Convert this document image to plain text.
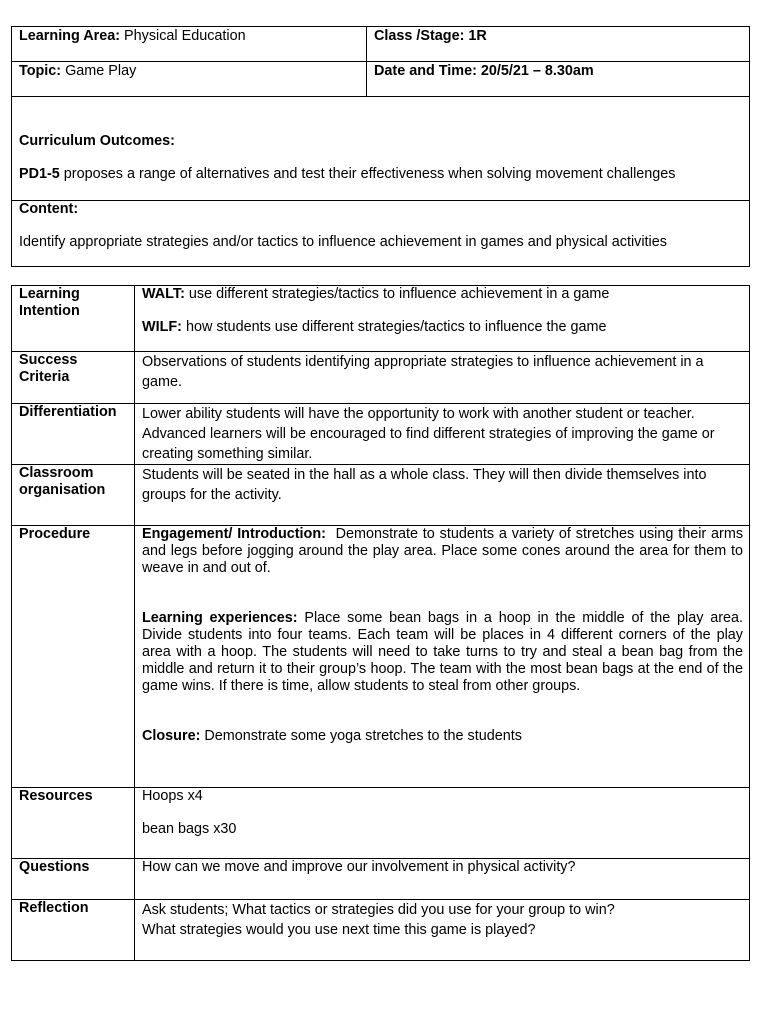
Learning Area: Physical Education	Class /Stage: 1R
Topic: Game Play	Date and Time: 20/5/21 – 8.30am

Curriculum Outcomes:

PD1-5 proposes a range of alternatives and test their effectiveness when solving movement challenges	

Content:

Identify appropriate strategies and/or tactics to influence achievement in games and physical activities	

Learning Intention	WALT: use different strategies/tactics to influence achievement in a game

WILF: how students use different strategies/tactics to influence the game

Success Criteria	Observations of students identifying appropriate strategies to influence achievement in a game.
Differentiation	Lower ability students will have the opportunity to work with another student or teacher.

Advanced learners will be encouraged to find different strategies of improving the game or creating something similar.

Classroom organisation	Students will be seated in the hall as a whole class. They will then divide themselves into groups for the activity.
Procedure	Engagement/ Introduction: Demonstrate to students a variety of stretches using their arms and legs before jogging around the play area. Place some cones around the area for them to weave in and out of.

Learning experiences: Place some bean bags in a hoop in the middle of the play area. Divide students into four teams. Each team will be places in 4 different corners of the play area with a hoop. The students will need to take turns to try and steal a bean bag from the middle and return it to their group’s hoop. The team with the most bean bags at the end of the game wins. If there is time, allow students to steal from other groups.

Closure: Demonstrate some yoga stretches to the students

Resources	Hoops x4

bean bags x30

Questions	How can we move and improve our involvement in physical activity?
Reflection	Ask students; What tactics or strategies did you use for your group to win?

What strategies would you use next time this game is played?
